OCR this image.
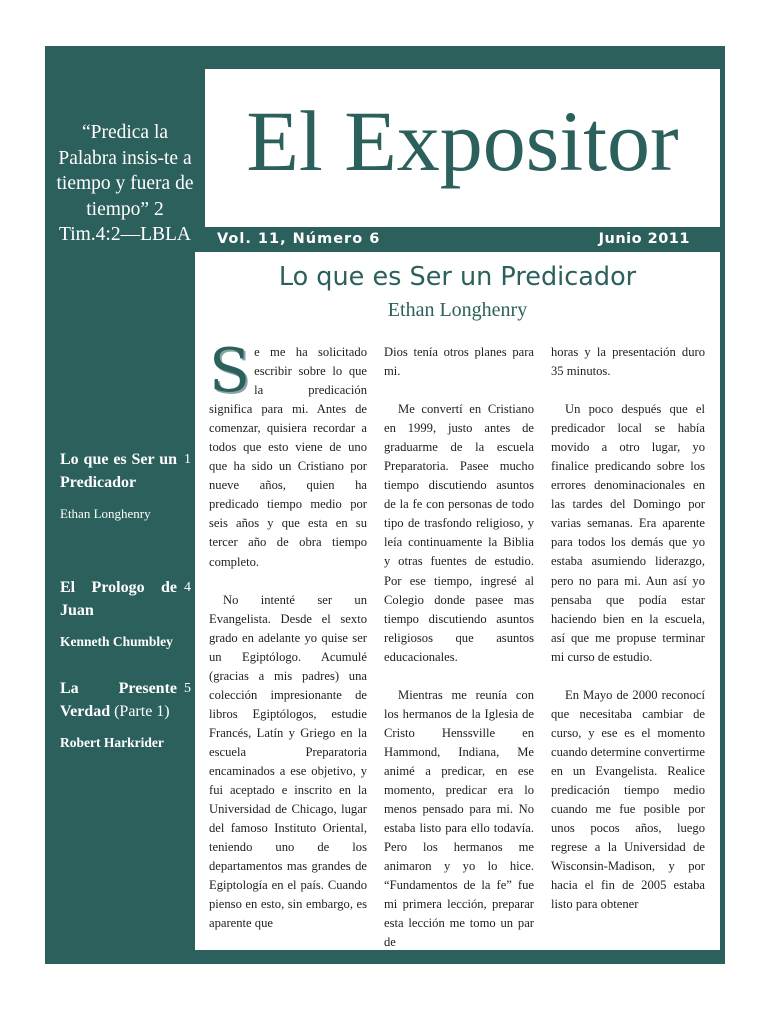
El Expositor
Vol. 11, Número 6	Junio 2011
“Predica la Palabra insis-te a tiempo y fuera de tiempo” 2 Tim.4:2—LBLA
Lo que es Ser un Predicador
1
Ethan Longhenry
El Prologo de Juan
4
Kenneth Chumbley
La Presente Verdad (Parte 1)
5
Robert Harkrider
Lo que es Ser un Predicador
Ethan Longhenry

Se me ha solicitado escribir sobre lo que la predicación significa para mi. Antes de comenzar, quisiera recordar a todos que esto viene de uno que ha sido un Cristiano por nueve años, quien ha predicado tiempo medio por seis años y que esta en su tercer año de obra tiempo completo.

No intenté ser un Evangelista. Desde el sexto grado en adelante yo quise ser un Egiptólogo. Acumulé (gracias a mis padres) una colección impresionante de libros Egiptólogos, estudie Francés, Latín y Griego en la escuela Preparatoria encaminados a ese objetivo, y fui aceptado e inscrito en la Universidad de Chicago, lugar del famoso Instituto Oriental, teniendo uno de los departamentos mas grandes de Egiptología en el país. Cuando pienso en esto, sin embargo, es aparente que

Dios tenía otros planes para mi.

Me convertí en Cristiano en 1999, justo antes de graduarme de la escuela Preparatoria. Pasee mucho tiempo discutiendo asuntos de la fe con personas de todo tipo de trasfondo religioso, y leía continuamente la Biblia y otras fuentes de estudio. Por ese tiempo, ingresé al Colegio donde pasee mas tiempo discutiendo asuntos religiosos que asuntos educacionales.

Mientras me reunía con los hermanos de la Iglesia de Cristo Henssville en Hammond, Indiana, Me animé a predicar, en ese momento, predicar era lo menos pensado para mi. No estaba listo para ello todavía. Pero los hermanos me animaron y yo lo hice. “Fundamentos de la fe” fue mi primera lección, preparar esta lección me tomo un par de

horas y la presentación duro 35 minutos.

Un poco después que el predicador local se había movido a otro lugar, yo finalice predicando sobre los errores denominacionales en las tardes del Domingo por varias semanas. Era aparente para todos los demás que yo estaba asumiendo liderazgo, pero no para mi. Aun así yo pensaba que podía estar haciendo bien en la escuela, así que me propuse terminar mi curso de estudio.

En Mayo de 2000 reconocí que necesitaba cambiar de curso, y ese es el momento cuando determine convertirme en un Evangelista. Realice predicación tiempo medio cuando me fue posible por unos pocos años, luego regrese a la Universidad de Wisconsin-Madison, y por hacia el fin de 2005 estaba listo para obtener
